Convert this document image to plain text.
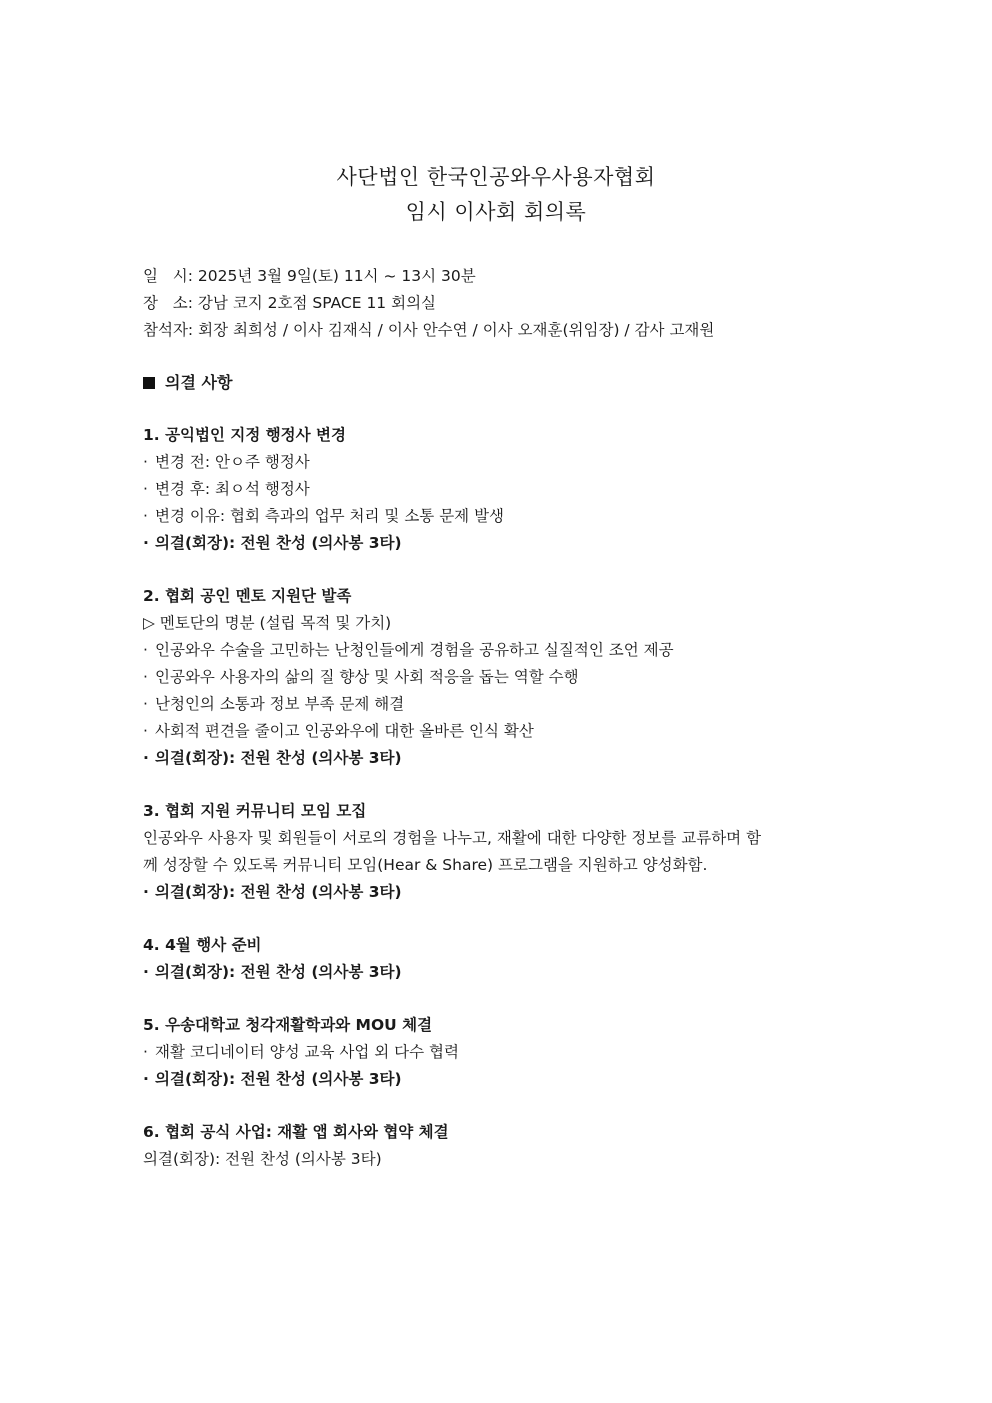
사단법인 한국인공와우사용자협회
임시 이사회 회의록
일   시: 2025년 3월 9일(토) 11시 ~ 13시 30분
장   소: 강남 코지 2호점 SPACE 11 회의실
참석자: 회장 최희성 / 이사 김재식 / 이사 안수연 / 이사 오재훈(위임장) / 감사 고재원
의결 사항
1. 공익법인 지정 행정사 변경
· 변경 전: 안ㅇ주 행정사
· 변경 후: 최ㅇ석 행정사
· 변경 이유: 협회 측과의 업무 처리 및 소통 문제 발생
· 의결(회장): 전원 찬성 (의사봉 3타)
2. 협회 공인 멘토 지원단 발족
▷ 멘토단의 명분 (설립 목적 및 가치)
· 인공와우 수술을 고민하는 난청인들에게 경험을 공유하고 실질적인 조언 제공
· 인공와우 사용자의 삶의 질 향상 및 사회 적응을 돕는 역할 수행
· 난청인의 소통과 정보 부족 문제 해결
· 사회적 편견을 줄이고 인공와우에 대한 올바른 인식 확산
· 의결(회장): 전원 찬성 (의사봉 3타)
3. 협회 지원 커뮤니티 모임 모집
인공와우 사용자 및 회원들이 서로의 경험을 나누고, 재활에 대한 다양한 정보를 교류하며 함
께 성장할 수 있도록 커뮤니티 모임(Hear & Share) 프로그램을 지원하고 양성화함.
· 의결(회장): 전원 찬성 (의사봉 3타)
4. 4월 행사 준비
· 의결(회장): 전원 찬성 (의사봉 3타)
5. 우송대학교 청각재활학과와 MOU 체결
· 재활 코디네이터 양성 교육 사업 외 다수 협력
· 의결(회장): 전원 찬성 (의사봉 3타)
6. 협회 공식 사업: 재활 앱 회사와 협약 체결
의결(회장): 전원 찬성 (의사봉 3타)
